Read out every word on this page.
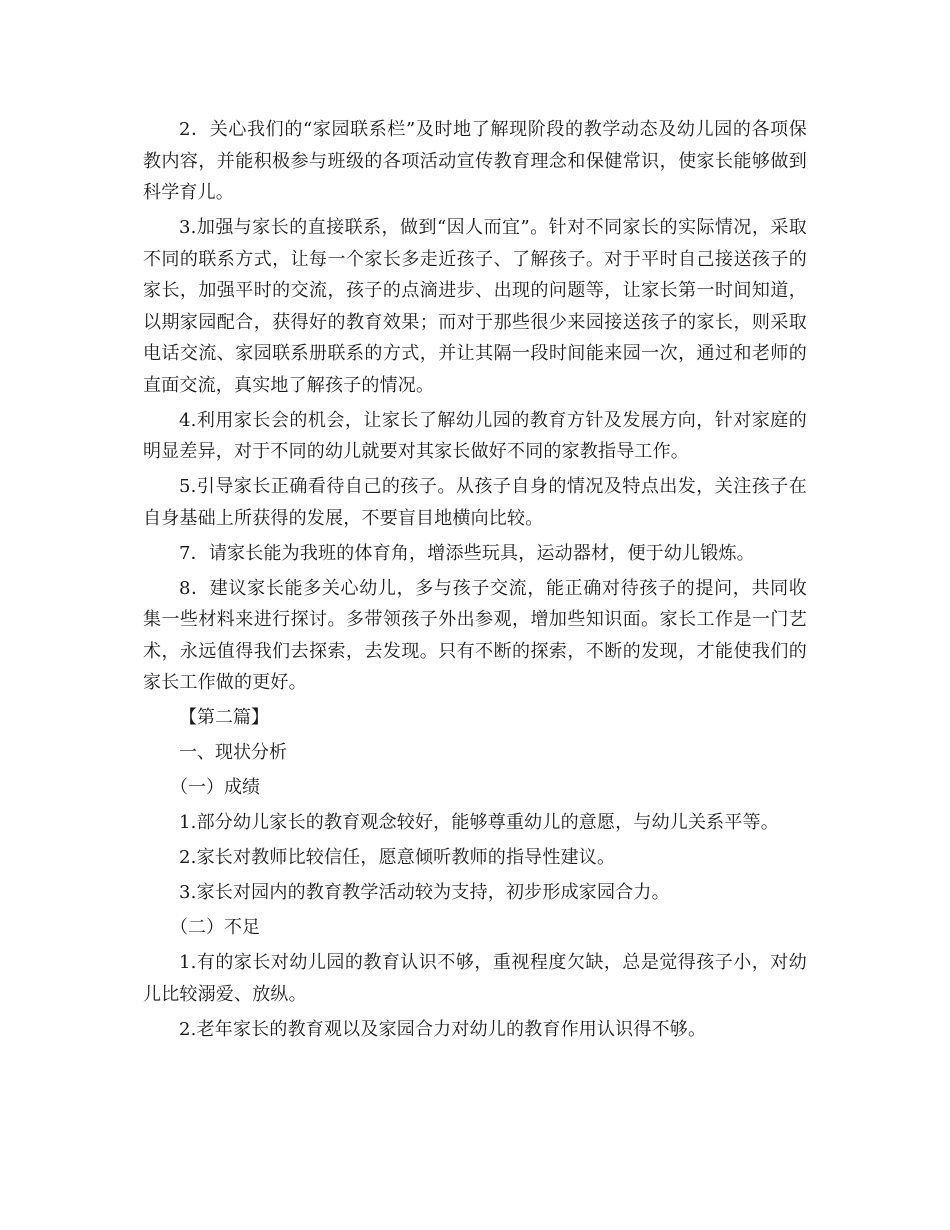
2．关心我们的“家园联系栏”及时地了解现阶段的教学动态及幼儿园的各项保教内容，并能积极参与班级的各项活动宣传教育理念和保健常识，使家长能够做到科学育儿。

3.加强与家长的直接联系，做到“因人而宜”。针对不同家长的实际情况，采取不同的联系方式，让每一个家长多走近孩子、了解孩子。对于平时自己接送孩子的家长，加强平时的交流，孩子的点滴进步、出现的问题等，让家长第一时间知道，以期家园配合，获得好的教育效果；而对于那些很少来园接送孩子的家长，则采取电话交流、家园联系册联系的方式，并让其隔一段时间能来园一次，通过和老师的直面交流，真实地了解孩子的情况。

4.利用家长会的机会，让家长了解幼儿园的教育方针及发展方向，针对家庭的明显差异，对于不同的幼儿就要对其家长做好不同的家教指导工作。

5.引导家长正确看待自己的孩子。从孩子自身的情况及特点出发，关注孩子在自身基础上所获得的发展，不要盲目地横向比较。

7．请家长能为我班的体育角，增添些玩具，运动器材，便于幼儿锻炼。

8．建议家长能多关心幼儿，多与孩子交流，能正确对待孩子的提问，共同收集一些材料来进行探讨。多带领孩子外出参观，增加些知识面。家长工作是一门艺术，永远值得我们去探索，去发现。只有不断的探索，不断的发现，才能使我们的家长工作做的更好。

【第二篇】

一、现状分析

（一）成绩

1.部分幼儿家长的教育观念较好，能够尊重幼儿的意愿，与幼儿关系平等。

2.家长对教师比较信任，愿意倾听教师的指导性建议。

3.家长对园内的教育教学活动较为支持，初步形成家园合力。

（二）不足

1.有的家长对幼儿园的教育认识不够，重视程度欠缺，总是觉得孩子小，对幼儿比较溺爱、放纵。

2.老年家长的教育观以及家园合力对幼儿的教育作用认识得不够。
